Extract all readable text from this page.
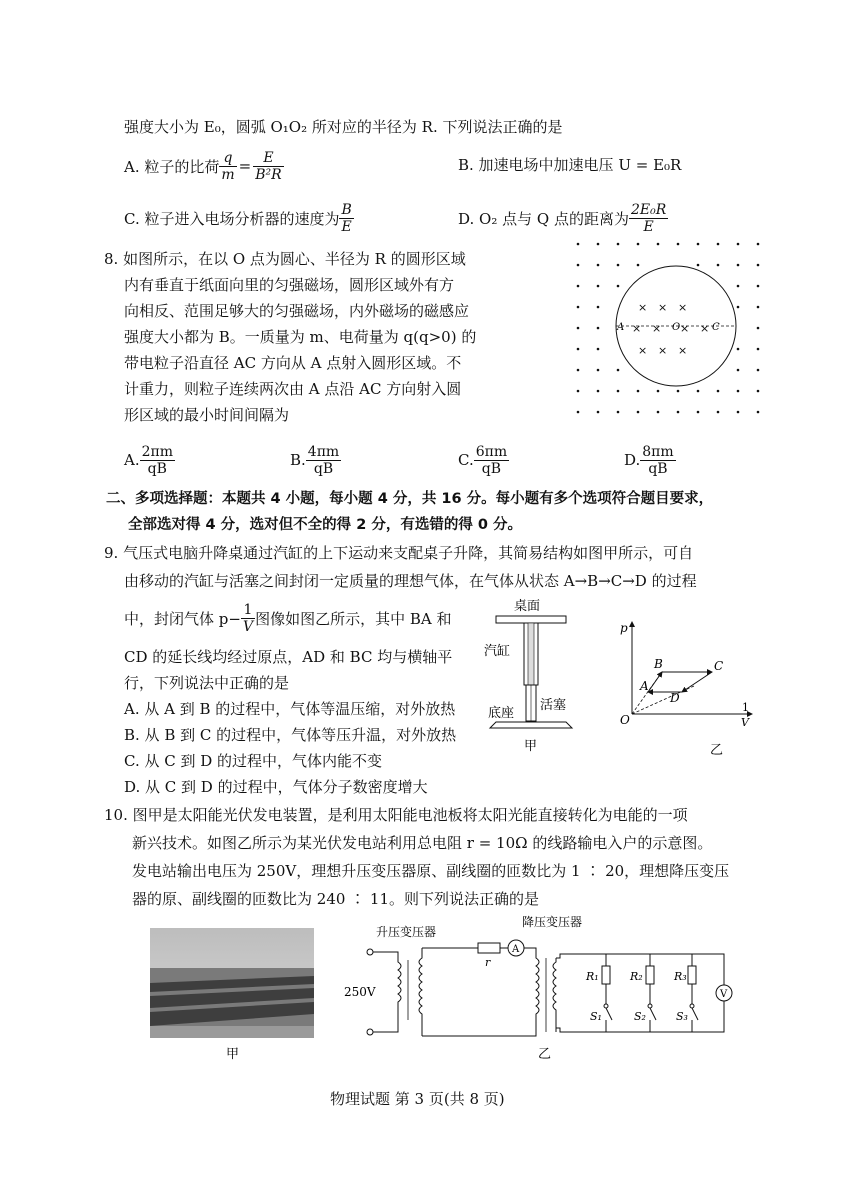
强度大小为 E₀，圆弧 O₁O₂ 所对应的半径为 R. 下列说法正确的是
A. 粒子的比荷 $\frac{q}{m} = \frac{E}{\text{B²R}}$	B. 加速电场中加速电压 U = E₀R
C. 粒子进入电场分析器的速度为 $\frac{B}{E}$	D. O₂ 点与 Q 点的距离为 $\frac{\text{2E₀R}}{E}$
8. 如图所示，在以 O 点为圆心、半径为 R 的圆形区域
内有垂直于纸面向里的匀强磁场，圆形区域外有方
向相反、范围足够大的匀强磁场，内外磁场的磁感应
强度大小都为 B。一质量为 m、电荷量为 q(q>0) 的
带电粒子沿直径 AC 方向从 A 点射入圆形区域。不
计重力，则粒子连续两次由 A 点沿 AC 方向射入圆
形区域的最小时间间隔为
× × ×
× × × ×
× × ×
A	O	C
A. $\frac{2\pi m}{qB}$	B. $\frac{4\pi m}{qB}$	C. $\frac{6\pi m}{qB}$	D. $\frac{8\pi m}{qB}$
二、多项选择题：本题共 4 小题，每小题 4 分，共 16 分。每小题有多个选项符合题目要求，
全部选对得 4 分，选对但不全的得 2 分，有选错的得 0 分。
9. 气压式电脑升降桌通过汽缸的上下运动来支配桌子升降，其简易结构如图甲所示，可自
由移动的汽缸与活塞之间封闭一定质量的理想气体，在气体从状态 A→B→C→D 的过程
中，封闭气体 $p- \frac{1}{V}$ 图像如图乙所示，其中 BA 和
CD 的延长线均经过原点，AD 和 BC 均与横轴平
行，下列说法中正确的是
A. 从 A 到 B 的过程中，气体等温压缩，对外放热
B. 从 B 到 C 的过程中，气体等压升温，对外放热
C. 从 C 到 D 的过程中，气体内能不变
D. 从 C 到 D 的过程中，气体分子数密度增大
桌面
汽缸
底座
活塞
甲
p
O
1
V
A
B	C
D
乙
10. 图甲是太阳能光伏发电装置，是利用太阳能电池板将太阳光能直接转化为电能的一项
新兴技术。如图乙所示为某光伏发电站利用总电阻 r = 10Ω 的线路输电入户的示意图。
发电站输出电压为 250V，理想升压变压器原、副线圈的匝数比为 1 ∶ 20，理想降压变压
器的原、副线圈的匝数比为 240 ∶ 11。则下列说法正确的是
甲
升压变压器
降压变压器
250V
r
A
V
R₁	R₂	R₃
S₁	S₂	S₃
乙
物理试题 第 3 页(共 8 页)
